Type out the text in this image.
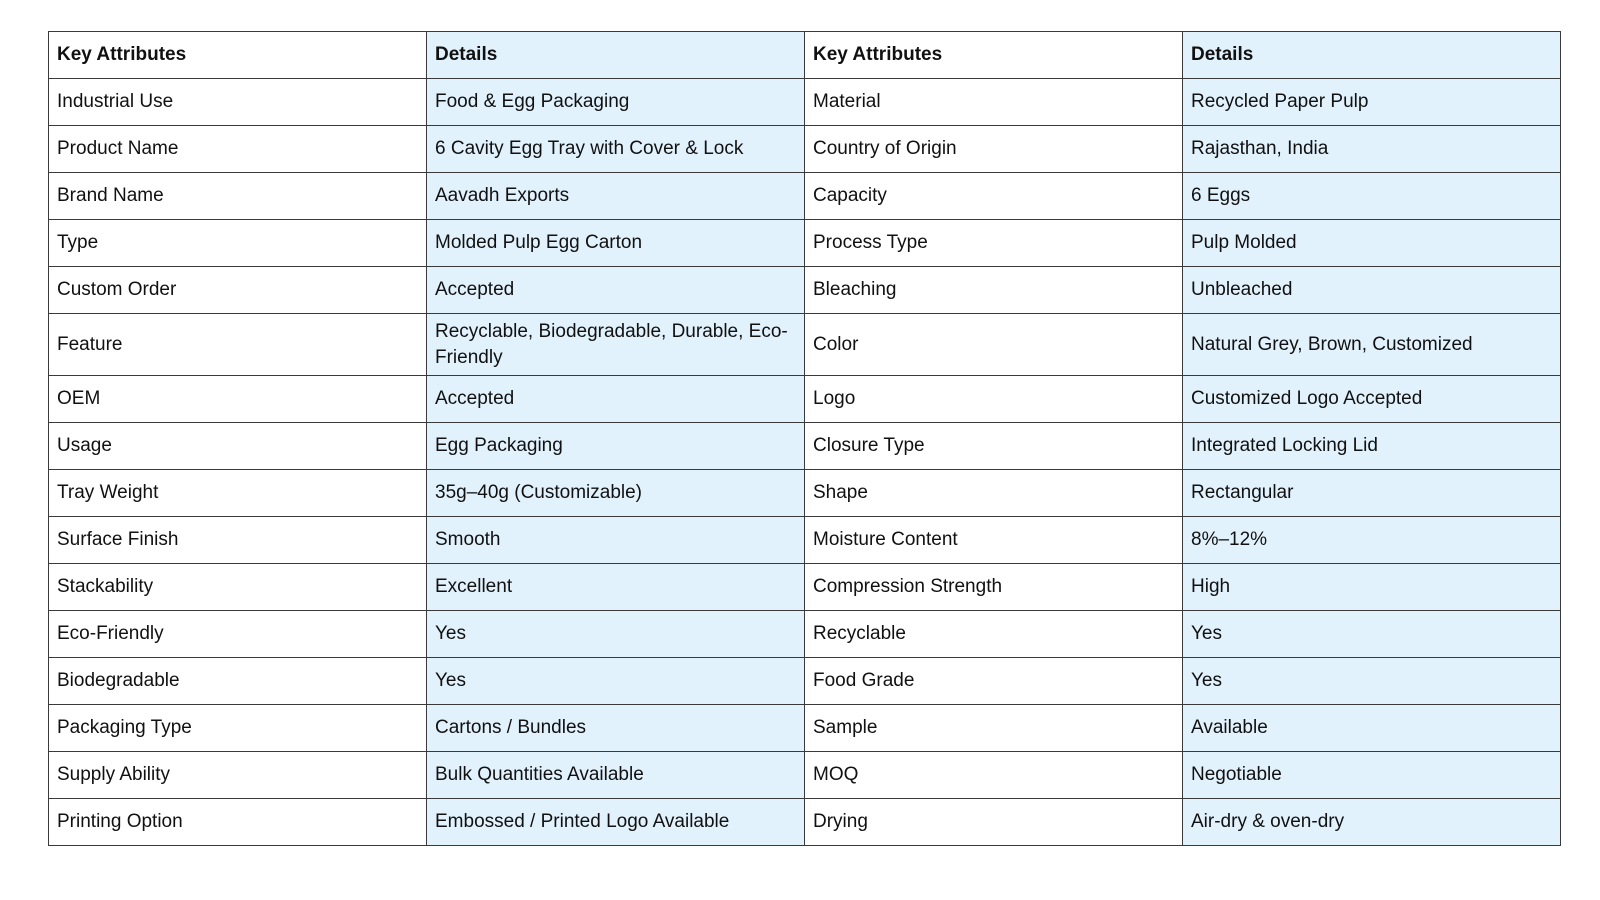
Key Attributes	Details	Key Attributes	Details
Industrial Use	Food & Egg Packaging	Material	Recycled Paper Pulp
Product Name	6 Cavity Egg Tray with Cover & Lock	Country of Origin	Rajasthan, India
Brand Name	Aavadh Exports	Capacity	6 Eggs
Type	Molded Pulp Egg Carton	Process Type	Pulp Molded
Custom Order	Accepted	Bleaching	Unbleached
Feature	Recyclable, Biodegradable, Durable, Eco-Friendly	Color	Natural Grey, Brown, Customized
OEM	Accepted	Logo	Customized Logo Accepted
Usage	Egg Packaging	Closure Type	Integrated Locking Lid
Tray Weight	35g–40g (Customizable)	Shape	Rectangular
Surface Finish	Smooth	Moisture Content	8%–12%
Stackability	Excellent	Compression Strength	High
Eco-Friendly	Yes	Recyclable	Yes
Biodegradable	Yes	Food Grade	Yes
Packaging Type	Cartons / Bundles	Sample	Available
Supply Ability	Bulk Quantities Available	MOQ	Negotiable
Printing Option	Embossed / Printed Logo Available	Drying	Air-dry & oven-dry
